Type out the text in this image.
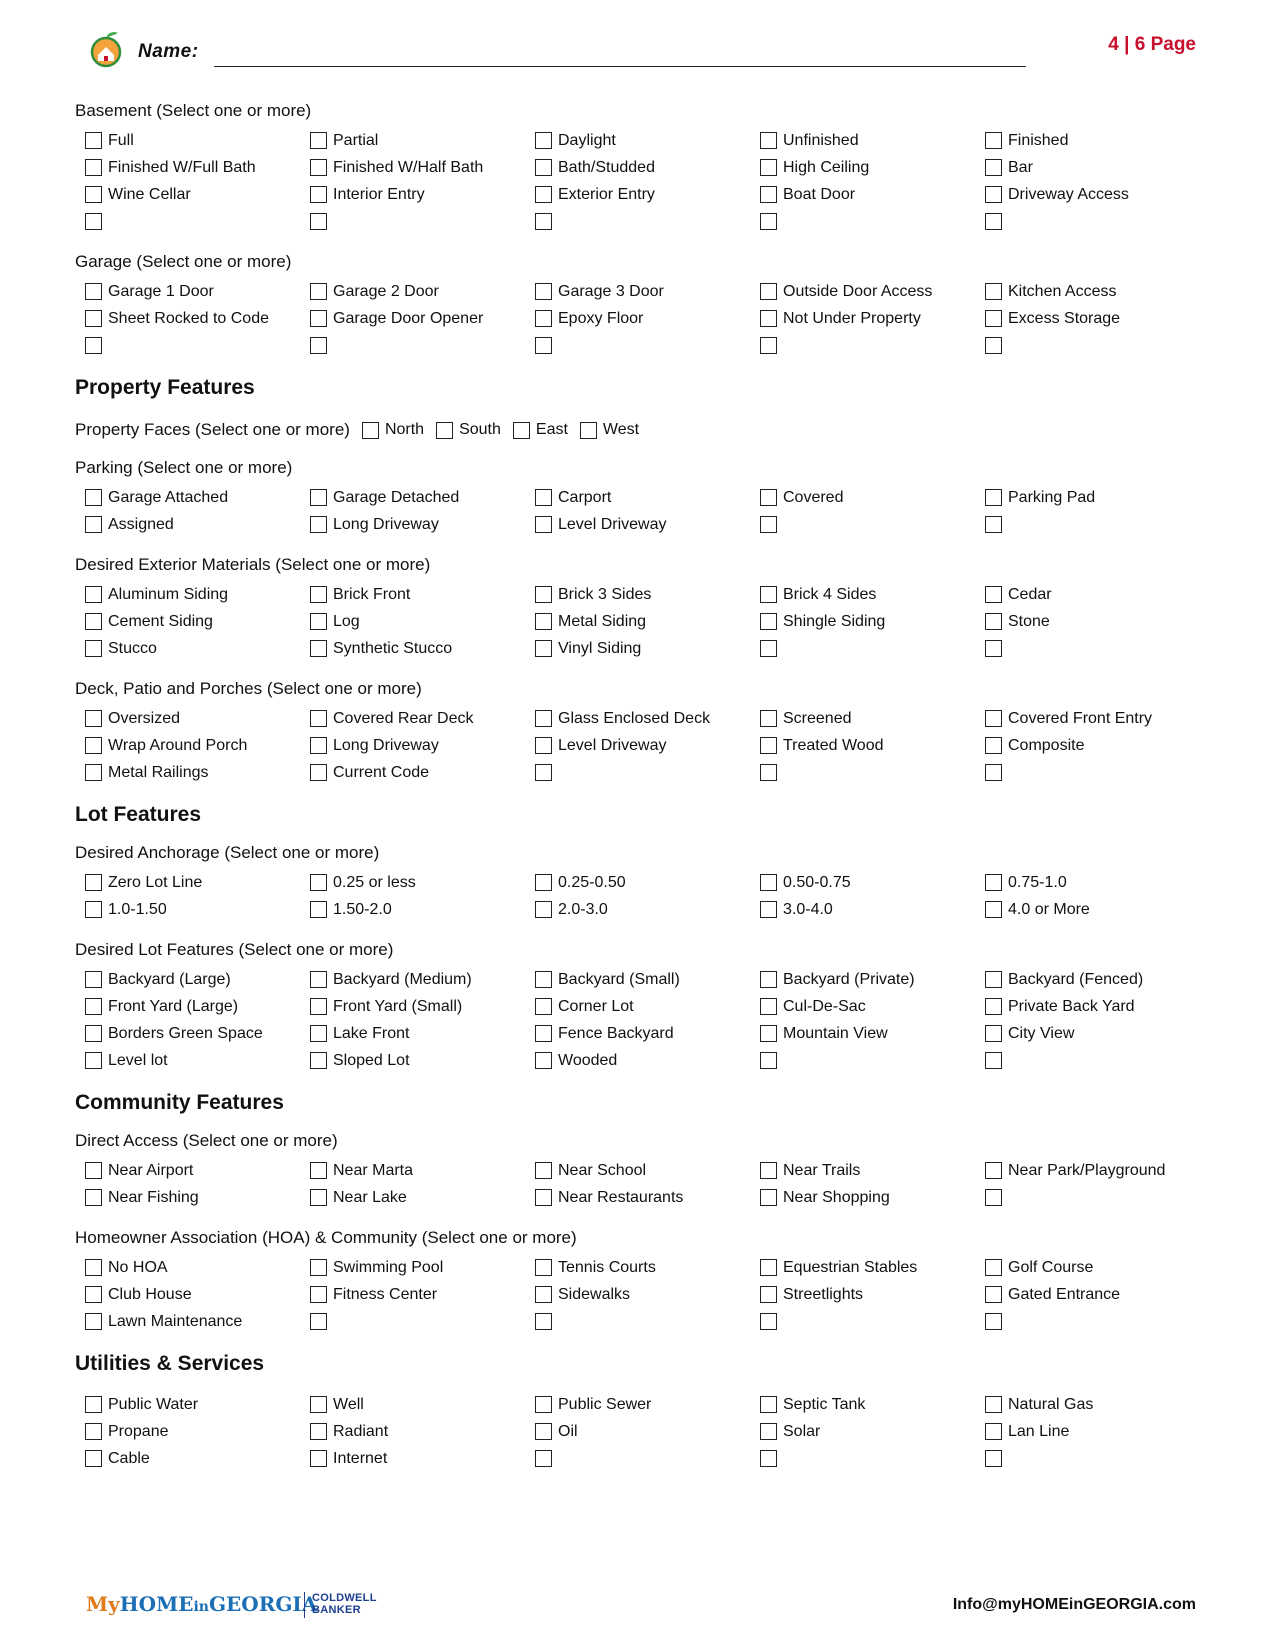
Name:	4 | 6 Page
Basement (Select one or more)
Full	Partial	Daylight	Unfinished	Finished
Finished W/Full Bath	Finished W/Half Bath	Bath/Studded	High Ceiling	Bar
Wine Cellar	Interior Entry	Exterior Entry	Boat Door	Driveway Access
Garage (Select one or more)
Garage 1 Door	Garage 2 Door	Garage 3 Door	Outside Door Access	Kitchen Access
Sheet Rocked to Code	Garage Door Opener	Epoxy Floor	Not Under Property	Excess Storage
Property Features
Property Faces (Select one or more) North South East West
Parking (Select one or more)
Garage Attached	Garage Detached	Carport	Covered	Parking Pad
Assigned	Long Driveway	Level Driveway
Desired Exterior Materials (Select one or more)
Aluminum Siding	Brick Front	Brick 3 Sides	Brick 4 Sides	Cedar
Cement Siding	Log	Metal Siding	Shingle Siding	Stone
Stucco	Synthetic Stucco	Vinyl Siding
Deck, Patio and Porches (Select one or more)
Oversized	Covered Rear Deck	Glass Enclosed Deck	Screened	Covered Front Entry
Wrap Around Porch	Long Driveway	Level Driveway	Treated Wood	Composite
Metal Railings	Current Code
Lot Features
Desired Anchorage (Select one or more)
Zero Lot Line	0.25 or less	0.25-0.50	0.50-0.75	0.75-1.0
1.0-1.50	1.50-2.0	2.0-3.0	3.0-4.0	4.0 or More
Desired Lot Features (Select one or more)
Backyard (Large)	Backyard (Medium)	Backyard (Small)	Backyard (Private)	Backyard (Fenced)
Front Yard (Large)	Front Yard (Small)	Corner Lot	Cul-De-Sac	Private Back Yard
Borders Green Space	Lake Front	Fence Backyard	Mountain View	City View
Level lot	Sloped Lot	Wooded
Community Features
Direct Access (Select one or more)
Near Airport	Near Marta	Near School	Near Trails	Near Park/Playground
Near Fishing	Near Lake	Near Restaurants	Near Shopping
Homeowner Association (HOA) & Community (Select one or more)
No HOA	Swimming Pool	Tennis Courts	Equestrian Stables	Golf Course
Club House	Fitness Center	Sidewalks	Streetlights	Gated Entrance
Lawn Maintenance
Utilities & Services
Public Water	Well	Public Sewer	Septic Tank	Natural Gas
Propane	Radiant	Oil	Solar	Lan Line
Cable	Internet
MyHOMEinGEORGIA
COLDWELL
BANKER	Info@myHOMEinGEORGIA.com
